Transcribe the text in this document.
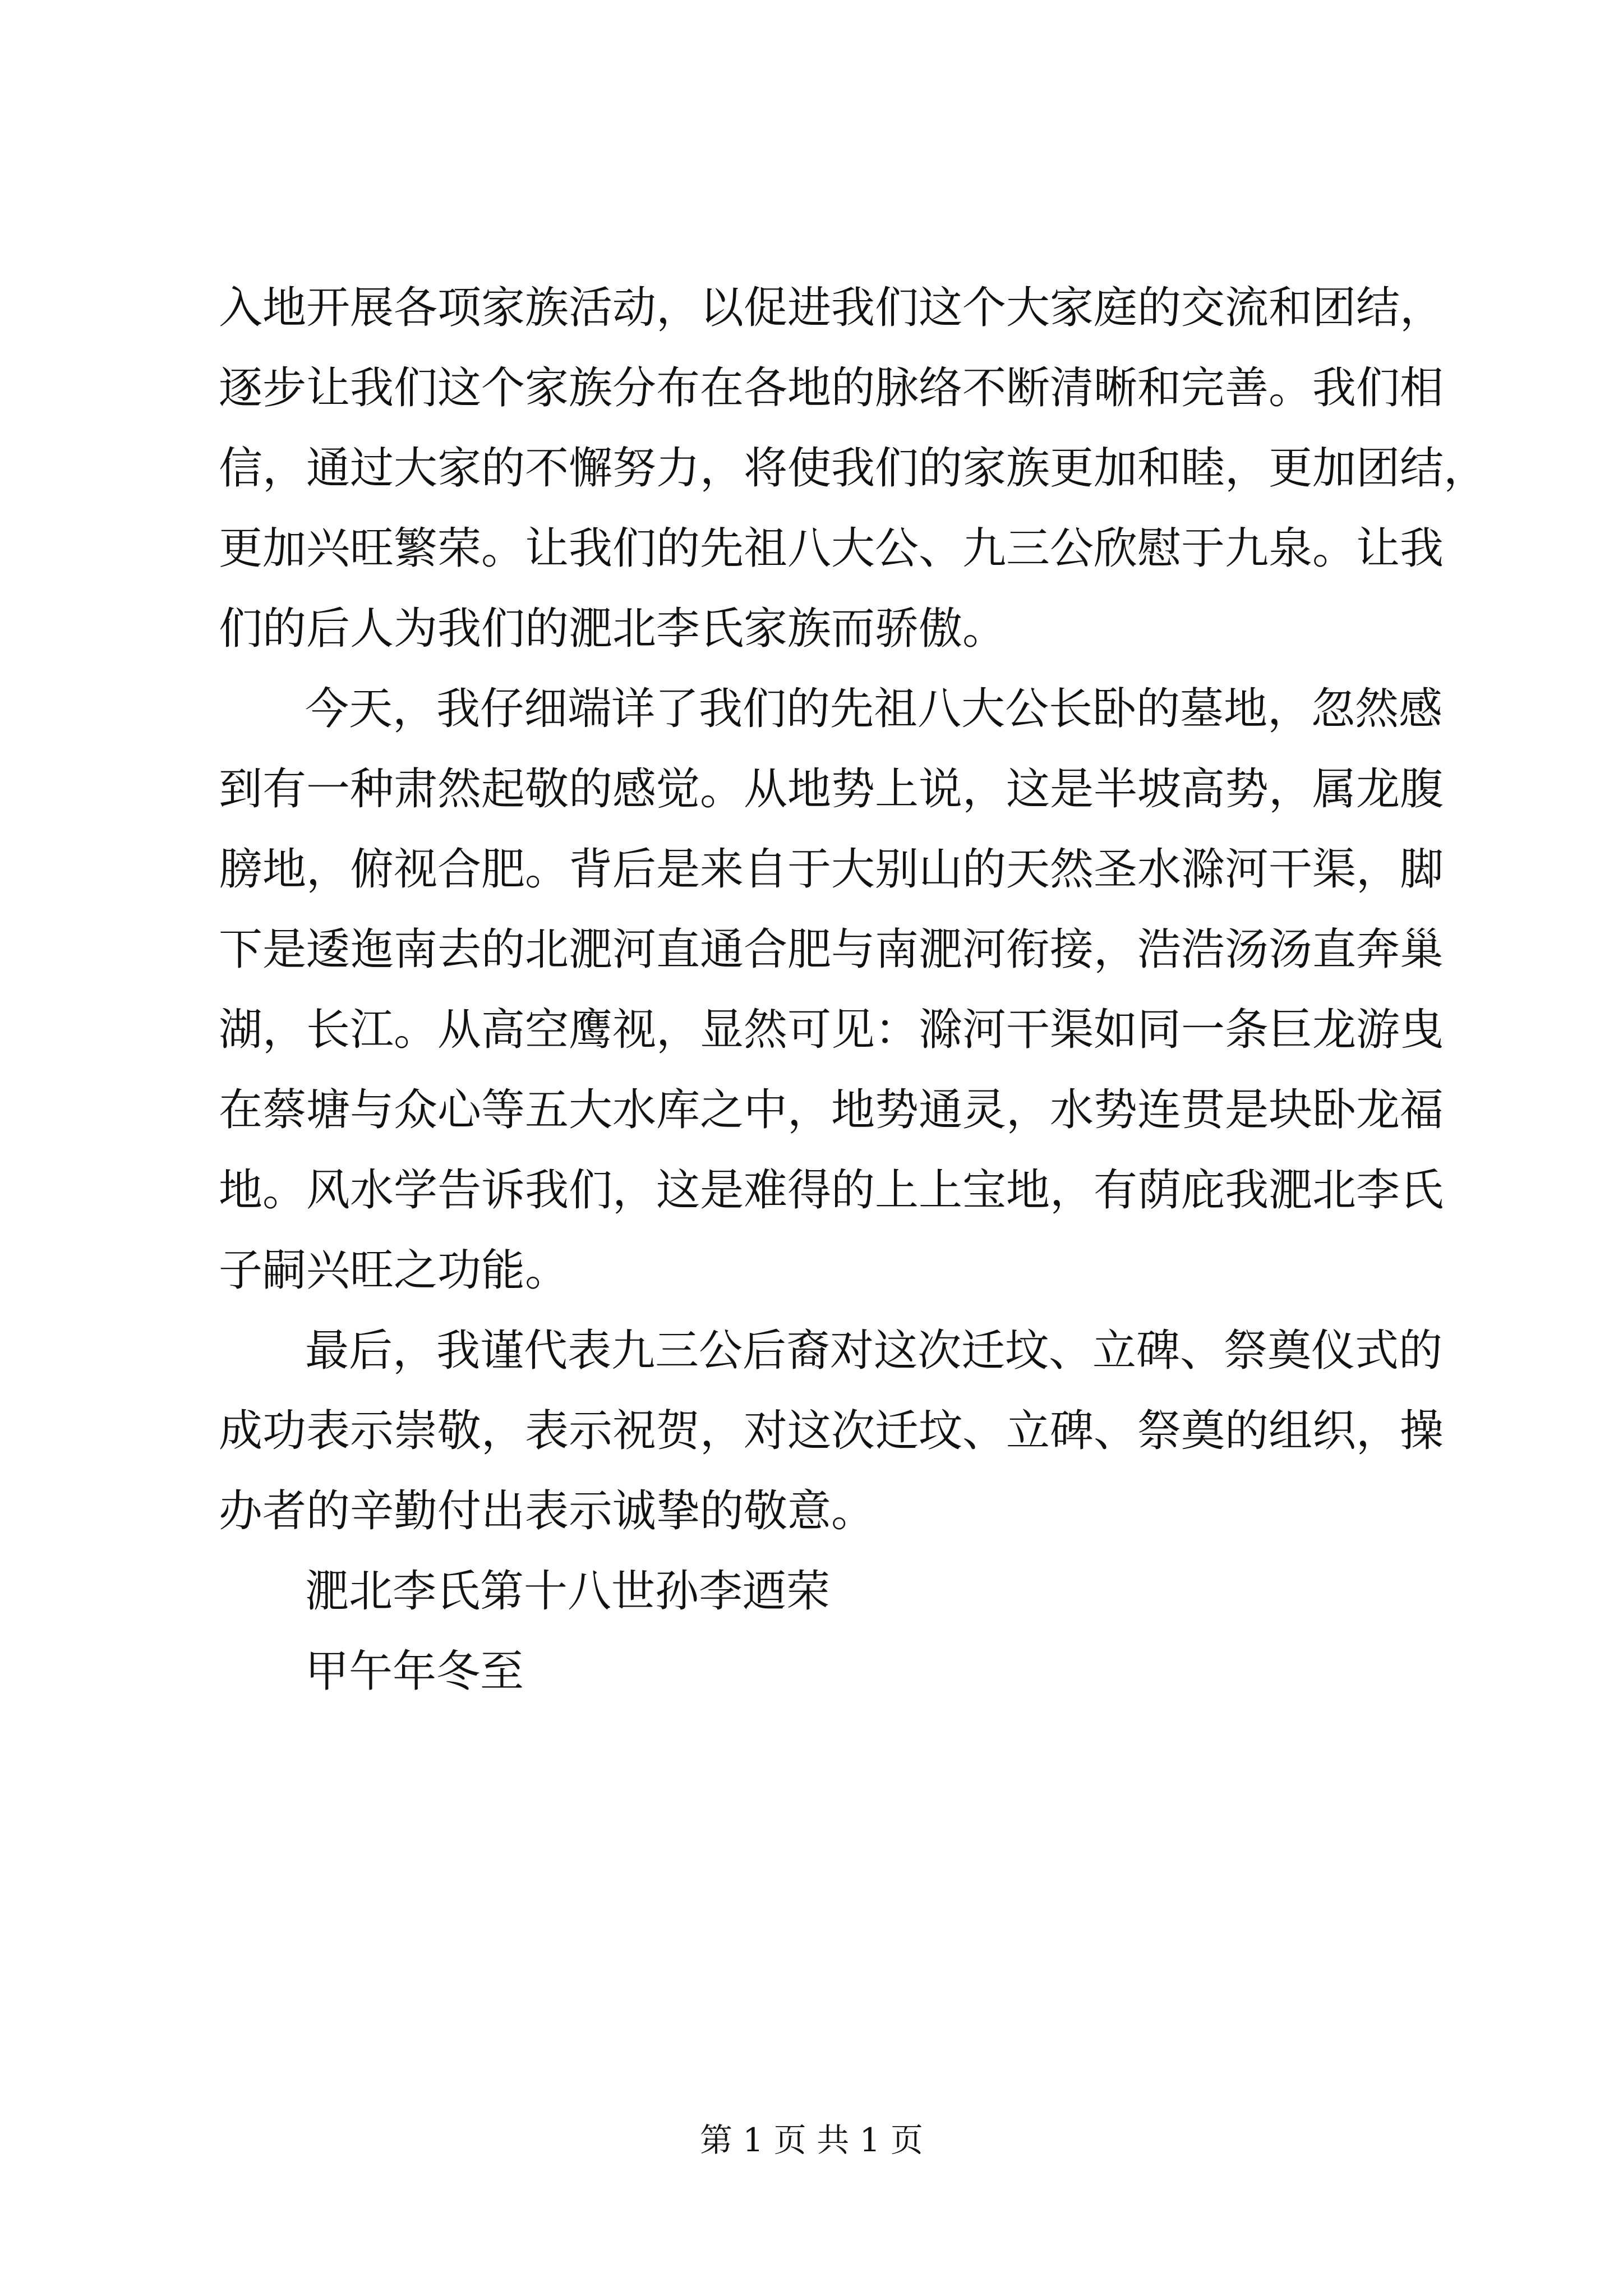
入地开展各项家族活动，以促进我们这个大家庭的交流和团结，
逐步让我们这个家族分布在各地的脉络不断清晰和完善。我们相
信，通过大家的不懈努力，将使我们的家族更加和睦，更加团结，
更加兴旺繁荣。让我们的先祖八大公、九三公欣慰于九泉。让我
们的后人为我们的淝北李氏家族而骄傲。
今天，我仔细端详了我们的先祖八大公长卧的墓地，忽然感
到有一种肃然起敬的感觉。从地势上说，这是半坡高势，属龙腹
膀地，俯视合肥。背后是来自于大别山的天然圣水滁河干渠，脚
下是逶迤南去的北淝河直通合肥与南淝河衔接，浩浩汤汤直奔巢
湖，长江。从高空鹰视，显然可见：滁河干渠如同一条巨龙游曳
在蔡塘与众心等五大水库之中，地势通灵，水势连贯是块卧龙福
地。风水学告诉我们，这是难得的上上宝地，有荫庇我淝北李氏
子嗣兴旺之功能。
最后，我谨代表九三公后裔对这次迁坟、立碑、祭奠仪式的
成功表示崇敬，表示祝贺，对这次迁坟、立碑、祭奠的组织，操
办者的辛勤付出表示诚挚的敬意。
淝北李氏第十八世孙李迺荣
甲午年冬至
第 1 页 共 1 页
